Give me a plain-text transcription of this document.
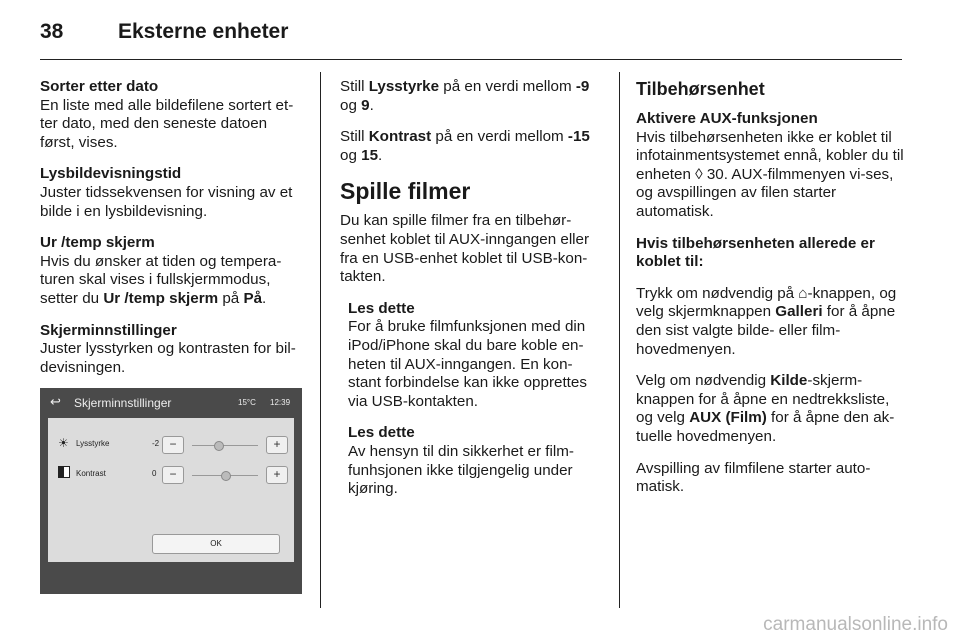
38	Eksterne enheter
Sorter etter dato
En liste med alle bildefilene sortert et-ter dato, med den seneste datoen først, vises.
Lysbildevisningstid
Juster tidssekvensen for visning av et bilde i en lysbildevisning.
Ur /temp skjerm
Hvis du ønsker at tiden og tempera-turen skal vises i fullskjermmodus, setter du Ur /temp skjerm på På.
Skjerminnstillinger
Juster lysstyrken og kontrasten for bil-devisningen.
↩ Skjerminnstillinger	15°C 12:39
☀ Lysstyrke	-2 −	+
Kontrast	0	−	+
OK
Still Lysstyrke på en verdi mellom -9 og 9.
Still Kontrast på en verdi mellom -15 og 15.
Spille filmer
Du kan spille filmer fra en tilbehør-senhet koblet til AUX-inngangen eller fra en USB-enhet koblet til USB-kon-takten.
Les dette
For å bruke filmfunksjonen med din iPod/iPhone skal du bare koble en-heten til AUX-inngangen. En kon-stant forbindelse kan ikke opprettes via USB-kontakten.
Les dette
Av hensyn til din sikkerhet er film-funhsjonen ikke tilgjengelig under kjøring.
Tilbehørsenhet
Aktivere AUX-funksjonen
Hvis tilbehørsenheten ikke er koblet til infotainmentsystemet ennå, kobler du til enheten ◊ 30. AUX-filmmenyen vi-ses, og avspillingen av filen starter automatisk.
Hvis tilbehørsenheten allerede er koblet til:
Trykk om nødvendig på ⌂-knappen, og velg skjermknappen Galleri for å åpne den sist valgte bilde- eller film-hovedmenyen.
Velg om nødvendig Kilde-skjerm-knappen for å åpne en nedtrekksliste, og velg AUX (Film) for å åpne den ak-tuelle hovedmenyen.
Avspilling av filmfilene starter auto-matisk.
carmanualsonline.info
